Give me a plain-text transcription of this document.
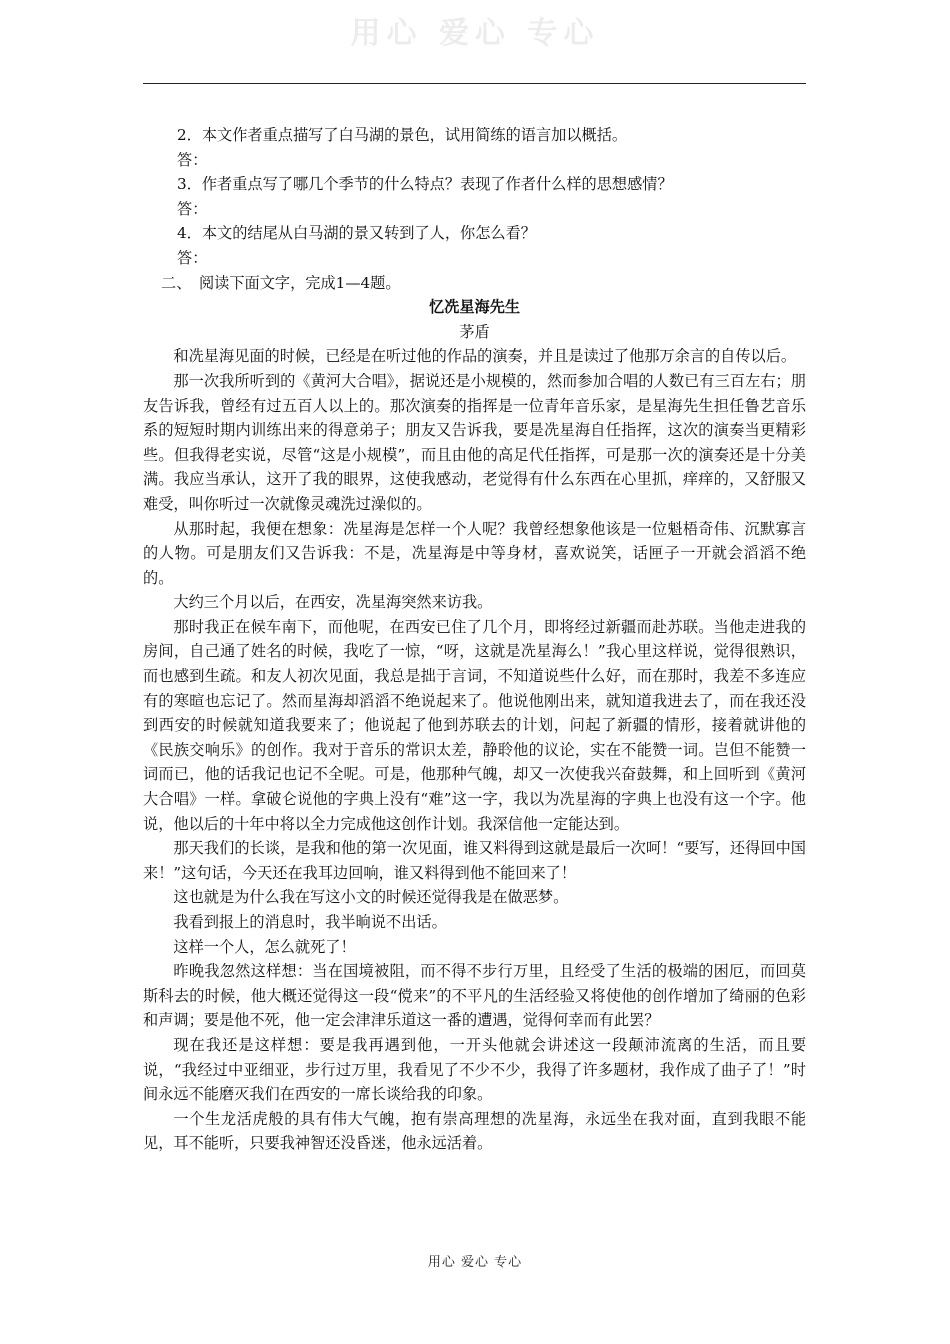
用心 爱心 专心

2．本文作者重点描写了白马湖的景色，试用简练的语言加以概括。

答：

3．作者重点写了哪几个季节的什么特点？表现了作者什么样的思想感情？

答：

4．本文的结尾从白马湖的景又转到了人，你怎么看？

答：

二、　阅读下面文字，完成1—4题。

忆冼星海先生

茅盾

和冼星海见面的时候，已经是在听过他的作品的演奏，并且是读过了他那万余言的自传以后。

那一次我所听到的《黄河大合唱》，据说还是小规模的，然而参加合唱的人数已有三百左右；朋友告诉我，曾经有过五百人以上的。那次演奏的指挥是一位青年音乐家，是星海先生担任鲁艺音乐系的短短时期内训练出来的得意弟子；朋友又告诉我，要是冼星海自任指挥，这次的演奏当更精彩些。但我得老实说，尽管“这是小规模”，而且由他的高足代任指挥，可是那一次的演奏还是十分美满。我应当承认，这开了我的眼界，这使我感动，老觉得有什么东西在心里抓，痒痒的，又舒服又难受，叫你听过一次就像灵魂洗过澡似的。

从那时起，我便在想象：冼星海是怎样一个人呢？我曾经想象他该是一位魁梧奇伟、沉默寡言的人物。可是朋友们又告诉我：不是，冼星海是中等身材，喜欢说笑，话匣子一开就会滔滔不绝的。

大约三个月以后，在西安，冼星海突然来访我。

那时我正在候车南下，而他呢，在西安已住了几个月，即将经过新疆而赴苏联。当他走进我的房间，自己通了姓名的时候，我吃了一惊，“呀，这就是冼星海么！”我心里这样说，觉得很熟识，而也感到生疏。和友人初次见面，我总是拙于言词，不知道说些什么好，而在那时，我差不多连应有的寒暄也忘记了。然而星海却滔滔不绝说起来了。他说他刚出来，就知道我进去了，而在我还没到西安的时候就知道我要来了；他说起了他到苏联去的计划，问起了新疆的情形，接着就讲他的《民族交响乐》的创作。我对于音乐的常识太差，静聆他的议论，实在不能赞一词。岂但不能赞一词而已，他的话我记也记不全呢。可是，他那种气魄，却又一次使我兴奋鼓舞，和上回听到《黄河大合唱》一样。拿破仑说他的字典上没有“难”这一字，我以为冼星海的字典上也没有这一个字。他说，他以后的十年中将以全力完成他这创作计划。我深信他一定能达到。

那天我们的长谈，是我和他的第一次见面，谁又料得到这就是最后一次呵！“要写，还得回中国来！”这句话，今天还在我耳边回响，谁又料得到他不能回来了！

这也就是为什么我在写这小文的时候还觉得我是在做恶梦。

我看到报上的消息时，我半晌说不出话。

这样一个人，怎么就死了！

昨晚我忽然这样想：当在国境被阻，而不得不步行万里，且经受了生活的极端的困厄，而回莫斯科去的时候，他大概还觉得这一段“傥来”的不平凡的生活经验又将使他的创作增加了绮丽的色彩和声调；要是他不死，他一定会津津乐道这一番的遭遇，觉得何幸而有此罢？

现在我还是这样想：要是我再遇到他，一开头他就会讲述这一段颠沛流离的生活，而且要说，“我经过中亚细亚，步行过万里，我看见了不少不少，我得了许多题材，我作成了曲子了！”时间永远不能磨灭我们在西安的一席长谈给我的印象。

一个生龙活虎般的具有伟大气魄，抱有崇高理想的冼星海，永远坐在我对面，直到我眼不能见，耳不能听，只要我神智还没昏迷，他永远活着。

用心 爱心 专心
